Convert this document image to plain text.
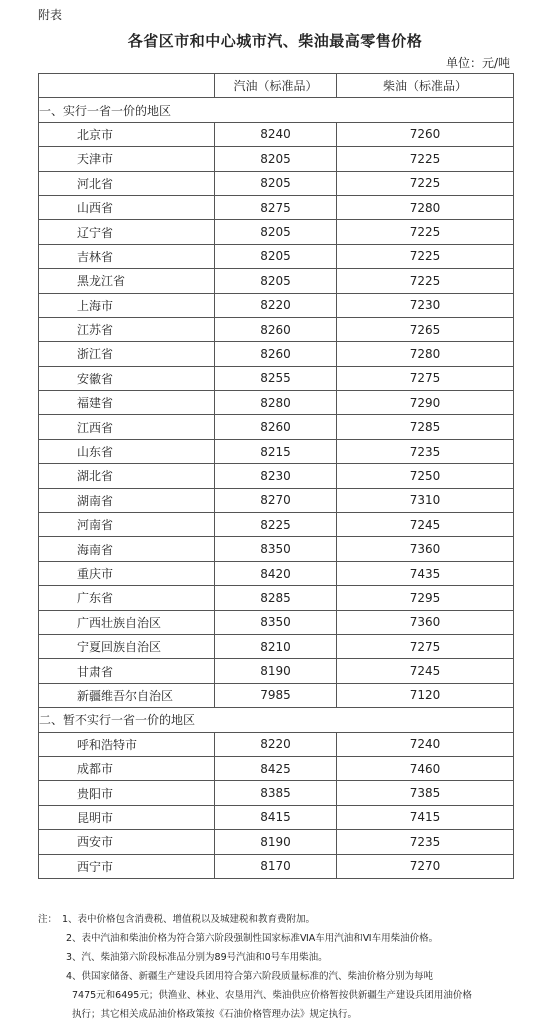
附表
各省区市和中心城市汽、柴油最高零售价格
单位：元/吨
	汽油（标准品）	柴油（标准品）
一、实行一省一价的地区		
北京市	8240	7260
天津市	8205	7225
河北省	8205	7225
山西省	8275	7280
辽宁省	8205	7225
吉林省	8205	7225
黑龙江省	8205	7225
上海市	8220	7230
江苏省	8260	7265
浙江省	8260	7280
安徽省	8255	7275
福建省	8280	7290
江西省	8260	7285
山东省	8215	7235
湖北省	8230	7250
湖南省	8270	7310
河南省	8225	7245
海南省	8350	7360
重庆市	8420	7435
广东省	8285	7295
广西壮族自治区	8350	7360
宁夏回族自治区	8210	7275
甘肃省	8190	7245
新疆维吾尔自治区	7985	7120
二、暂不实行一省一价的地区		
呼和浩特市	8220	7240
成都市	8425	7460
贵阳市	8385	7385
昆明市	8415	7415
西安市	8190	7235
西宁市	8170	7270
注： 1、表中价格包含消费税、增值税以及城建税和教育费附加。
2、表中汽油和柴油价格为符合第六阶段强制性国家标准ⅥA车用汽油和Ⅵ车用柴油价格。
3、汽、柴油第六阶段标准品分别为89号汽油和0号车用柴油。
4、供国家储备、新疆生产建设兵团用符合第六阶段质量标准的汽、柴油价格分别为每吨
7475元和6495元；供渔业、林业、农垦用汽、柴油供应价格暂按供新疆生产建设兵团用油价格
执行；其它相关成品油价格政策按《石油价格管理办法》规定执行。
